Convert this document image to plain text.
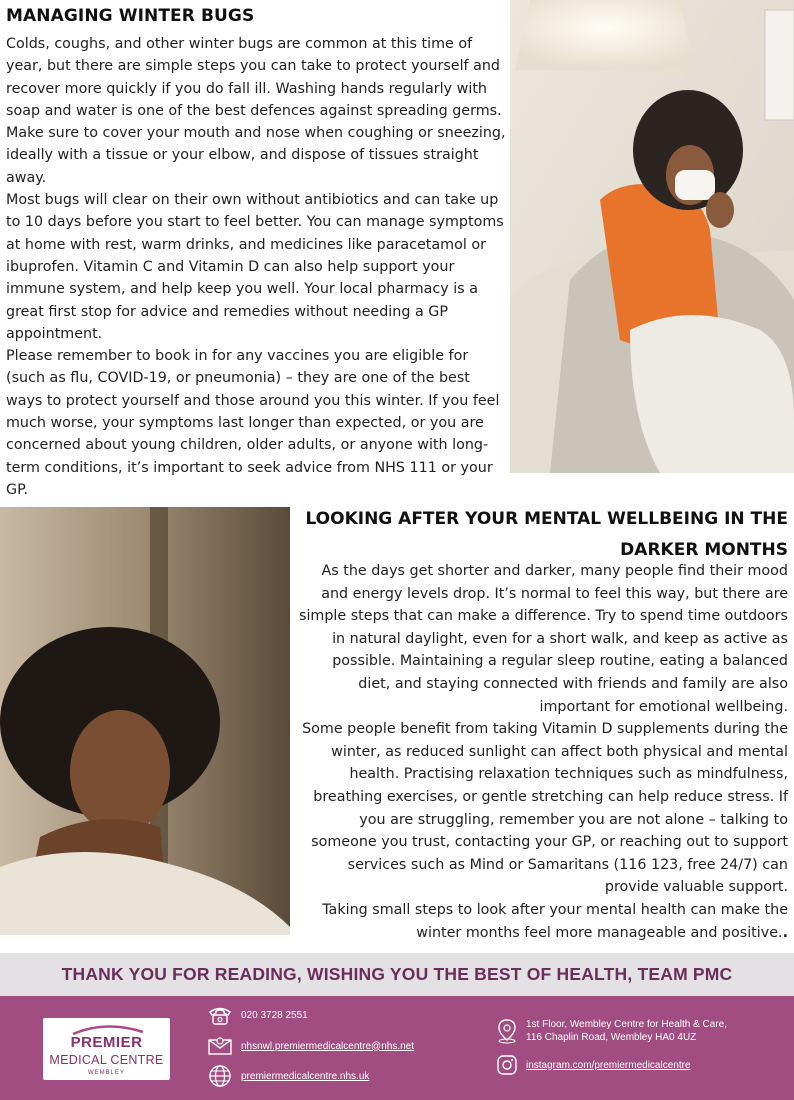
MANAGING WINTER BUGS

Colds, coughs, and other winter bugs are common at this time of year, but there are simple steps you can take to protect yourself and recover more quickly if you do fall ill. Washing hands regularly with soap and water is one of the best defences against spreading germs. Make sure to cover your mouth and nose when coughing or sneezing, ideally with a tissue or your elbow, and dispose of tissues straight away.

Most bugs will clear on their own without antibiotics and can take up to 10 days before you start to feel better. You can manage symptoms at home with rest, warm drinks, and medicines like paracetamol or ibuprofen. Vitamin C and Vitamin D can also help support your immune system, and help keep you well. Your local pharmacy is a great first stop for advice and remedies without needing a GP appointment.

Please remember to book in for any vaccines you are eligible for (such as flu, COVID-19, or pneumonia) – they are one of the best ways to protect yourself and those around you this winter. If you feel much worse, your symptoms last longer than expected, or you are concerned about young children, older adults, or anyone with long-term conditions, it’s important to seek advice from NHS 111 or your GP.

LOOKING AFTER YOUR MENTAL WELLBEING IN THE DARKER MONTHS

As the days get shorter and darker, many people find their mood and energy levels drop. It’s normal to feel this way, but there are simple steps that can make a difference. Try to spend time outdoors in natural daylight, even for a short walk, and keep as active as possible. Maintaining a regular sleep routine, eating a balanced diet, and staying connected with friends and family are also important for emotional wellbeing.

Some people benefit from taking Vitamin D supplements during the winter, as reduced sunlight can affect both physical and mental health. Practising relaxation techniques such as mindfulness, breathing exercises, or gentle stretching can help reduce stress. If you are struggling, remember you are not alone – talking to someone you trust, contacting your GP, or reaching out to support services such as Mind or Samaritans (116 123, free 24/7) can provide valuable support.

Taking small steps to look after your mental health can make the winter months feel more manageable and positive..

THANK YOU FOR READING, WISHING YOU THE BEST OF HEALTH, TEAM PMC
PREMIER
MEDICAL CENTRE
WEMBLEY
020 3728 2551
nhsnwl.premiermedicalcentre@nhs.net
premiermedicalcentre.nhs.uk
1st Floor, Wembley Centre for Health & Care,
116 Chaplin Road, Wembley HA0 4UZ
instagram.com/premiermedicalcentre
